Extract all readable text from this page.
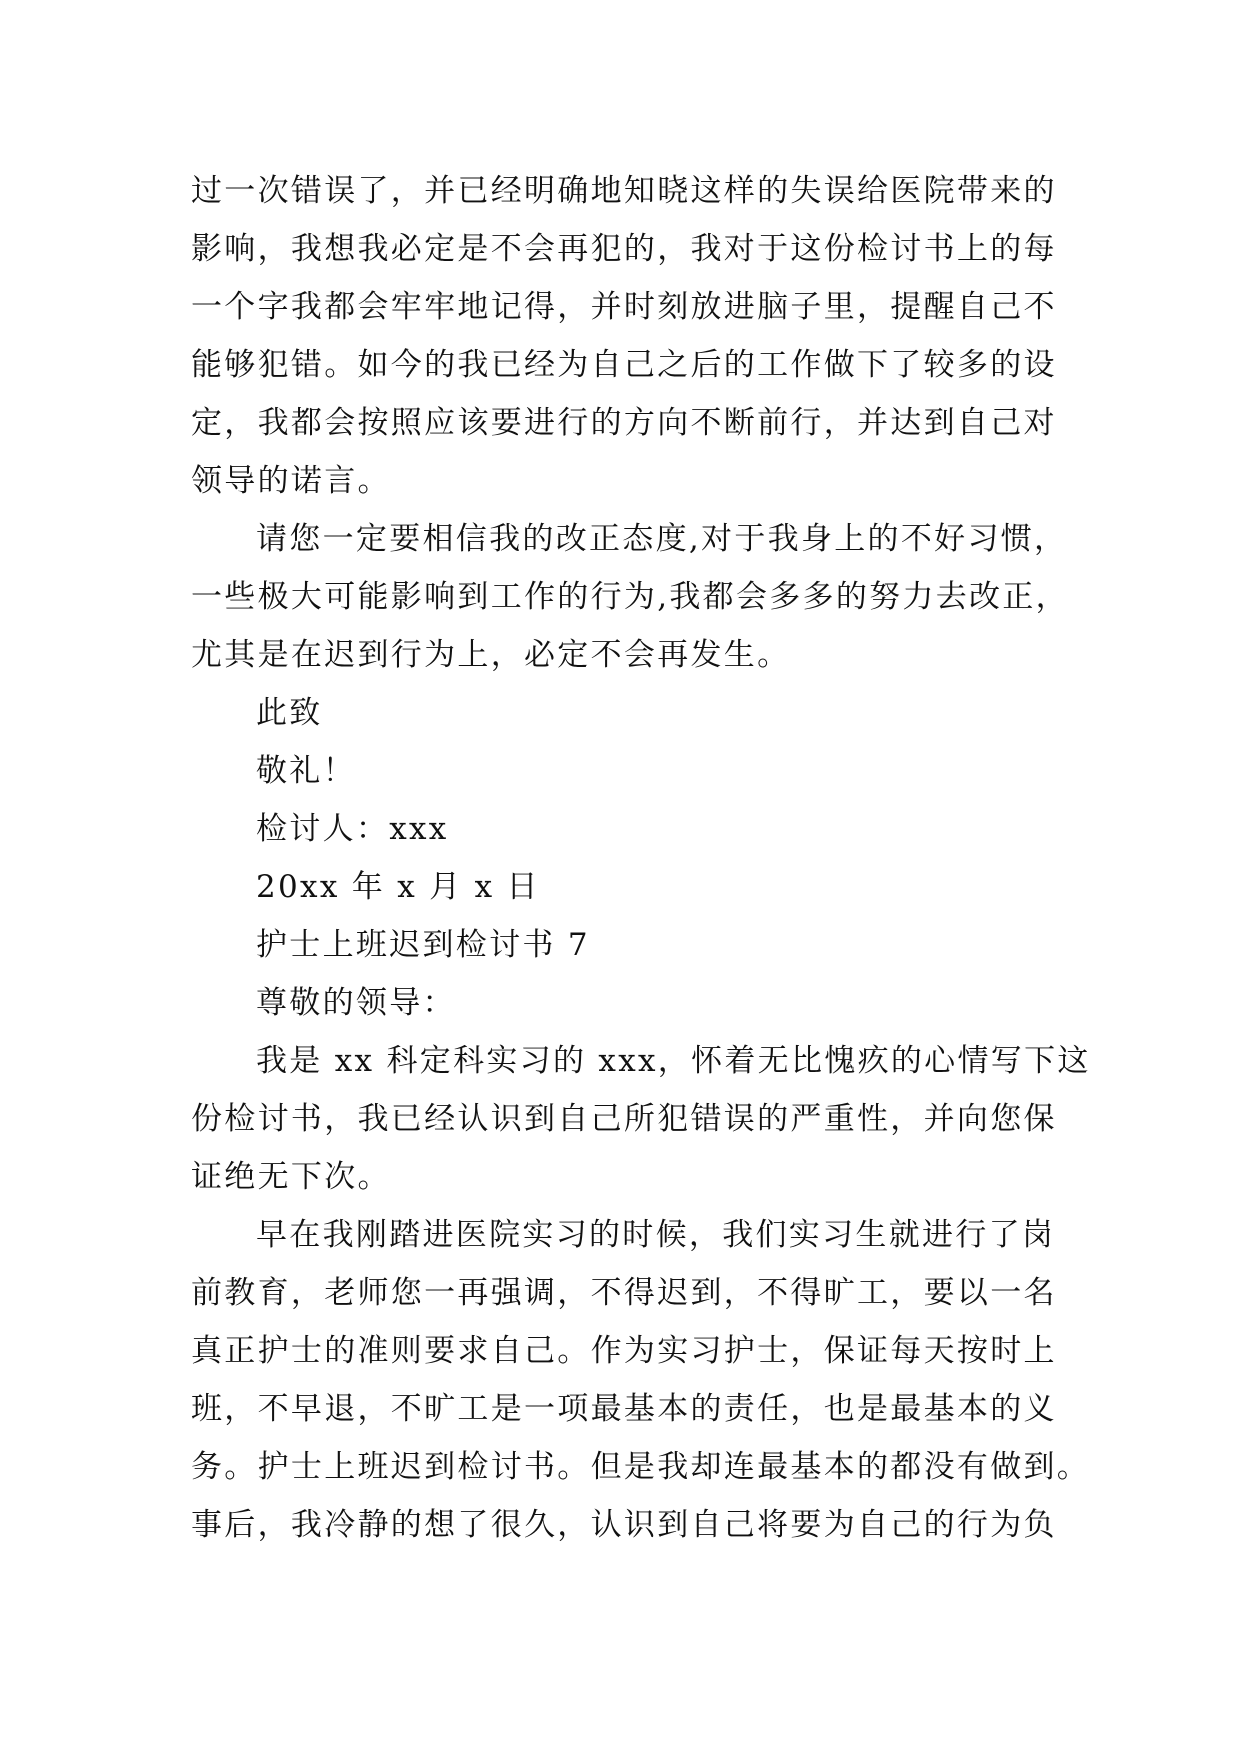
过一次错误了，并已经明确地知晓这样的失误给医院带来的
影响，我想我必定是不会再犯的，我对于这份检讨书上的每
一个字我都会牢牢地记得，并时刻放进脑子里，提醒自己不
能够犯错。如今的我已经为自己之后的工作做下了较多的设
定，我都会按照应该要进行的方向不断前行，并达到自己对
领导的诺言。
请您一定要相信我的改正态度,对于我身上的不好习惯，
一些极大可能影响到工作的行为,我都会多多的努力去改正，
尤其是在迟到行为上，必定不会再发生。
此致
敬礼！
检讨人：xxx
20xx 年 x 月 x 日
护士上班迟到检讨书 7
尊敬的领导：
我是 xx 科定科实习的 xxx，怀着无比愧疚的心情写下这
份检讨书，我已经认识到自己所犯错误的严重性，并向您保
证绝无下次。
早在我刚踏进医院实习的时候，我们实习生就进行了岗
前教育，老师您一再强调，不得迟到，不得旷工，要以一名
真正护士的准则要求自己。作为实习护士，保证每天按时上
班，不早退，不旷工是一项最基本的责任，也是最基本的义
务。护士上班迟到检讨书。但是我却连最基本的都没有做到。
事后，我冷静的想了很久，认识到自己将要为自己的行为负
